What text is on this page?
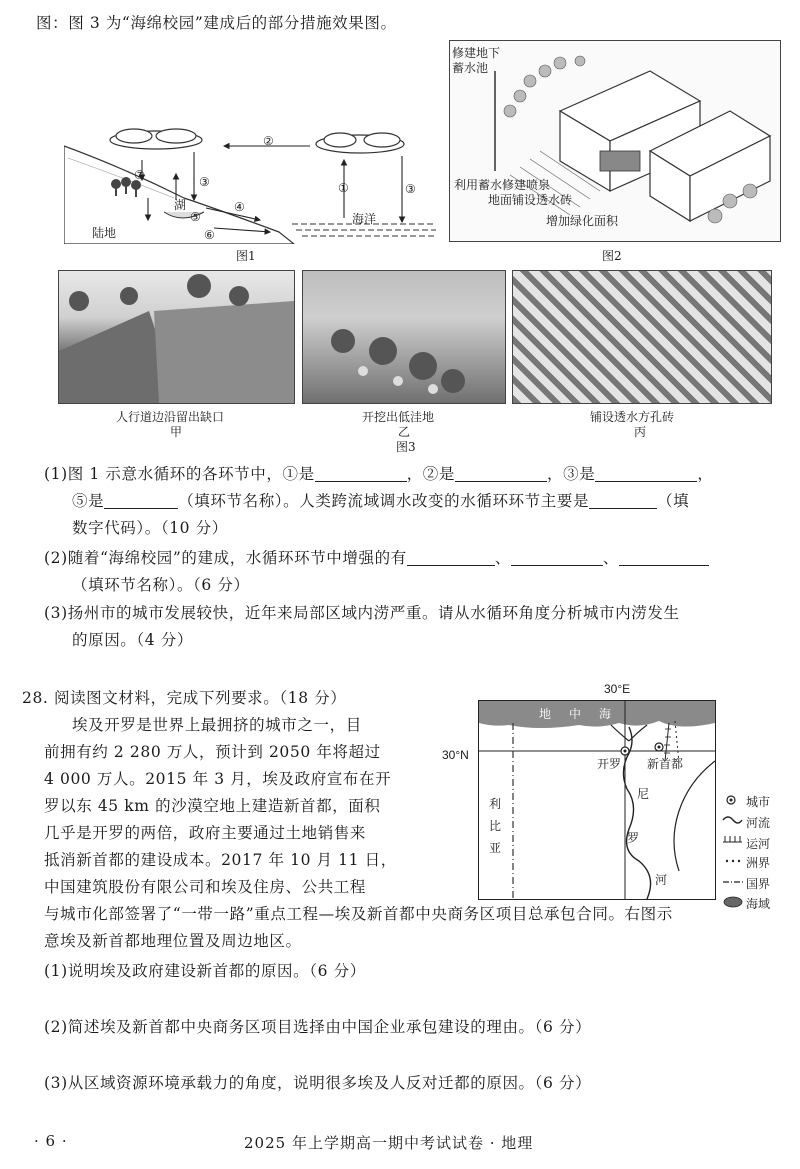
图：图 3 为“海绵校园”建成后的部分措施效果图。
②
①	③
③
⑦
④
⑤
⑥
湖
陆地
海洋
图1
修建地下
蓄水池
利用蓄水修建喷泉
地面铺设透水砖
增加绿化面积
图2
人行道边沿留出缺口
甲
开挖出低洼地
乙
铺设透水方孔砖
丙
图3
(1)图 1 示意水循环的各环节中，①是	，②是	，③是	，
⑤是	（填环节名称）。人类跨流域调水改变的水循环环节主要是	（填
数字代码）。（10 分）
(2)随着“海绵校园”的建成，水循环环节中增强的有	、	、
（填环节名称）。（6 分）
(3)扬州市的城市发展较快，近年来局部区域内涝严重。请从水循环角度分析城市内涝发生
的原因。（4 分）
28. 阅读图文材料，完成下列要求。（18 分）
埃及开罗是世界上最拥挤的城市之一，目
前拥有约 2 280 万人，预计到 2050 年将超过
4 000 万人。2015 年 3 月，埃及政府宣布在开
罗以东 45 km 的沙漠空地上建造新首都，面积
几乎是开罗的两倍，政府主要通过土地销售来
抵消新首都的建设成本。2017 年 10 月 11 日，
中国建筑股份有限公司和埃及住房、公共工程
与城市化部签署了“一带一路”重点工程—埃及新首都中央商务区项目总承包合同。右图示
意埃及新首都地理位置及周边地区。
(1)说明埃及政府建设新首都的原因。（6 分）
(2)简述埃及新首都中央商务区项目选择由中国企业承包建设的理由。（6 分）
(3)从区域资源环境承载力的角度，说明很多埃及人反对迁都的原因。（6 分）
30°E
地中海
开罗 新首都
利
比
亚
尼
罗
河
30°N
城市
河流
运河
洲界
国界
海域
· 6 ·	2025 年上学期高一期中考试试卷 · 地理
